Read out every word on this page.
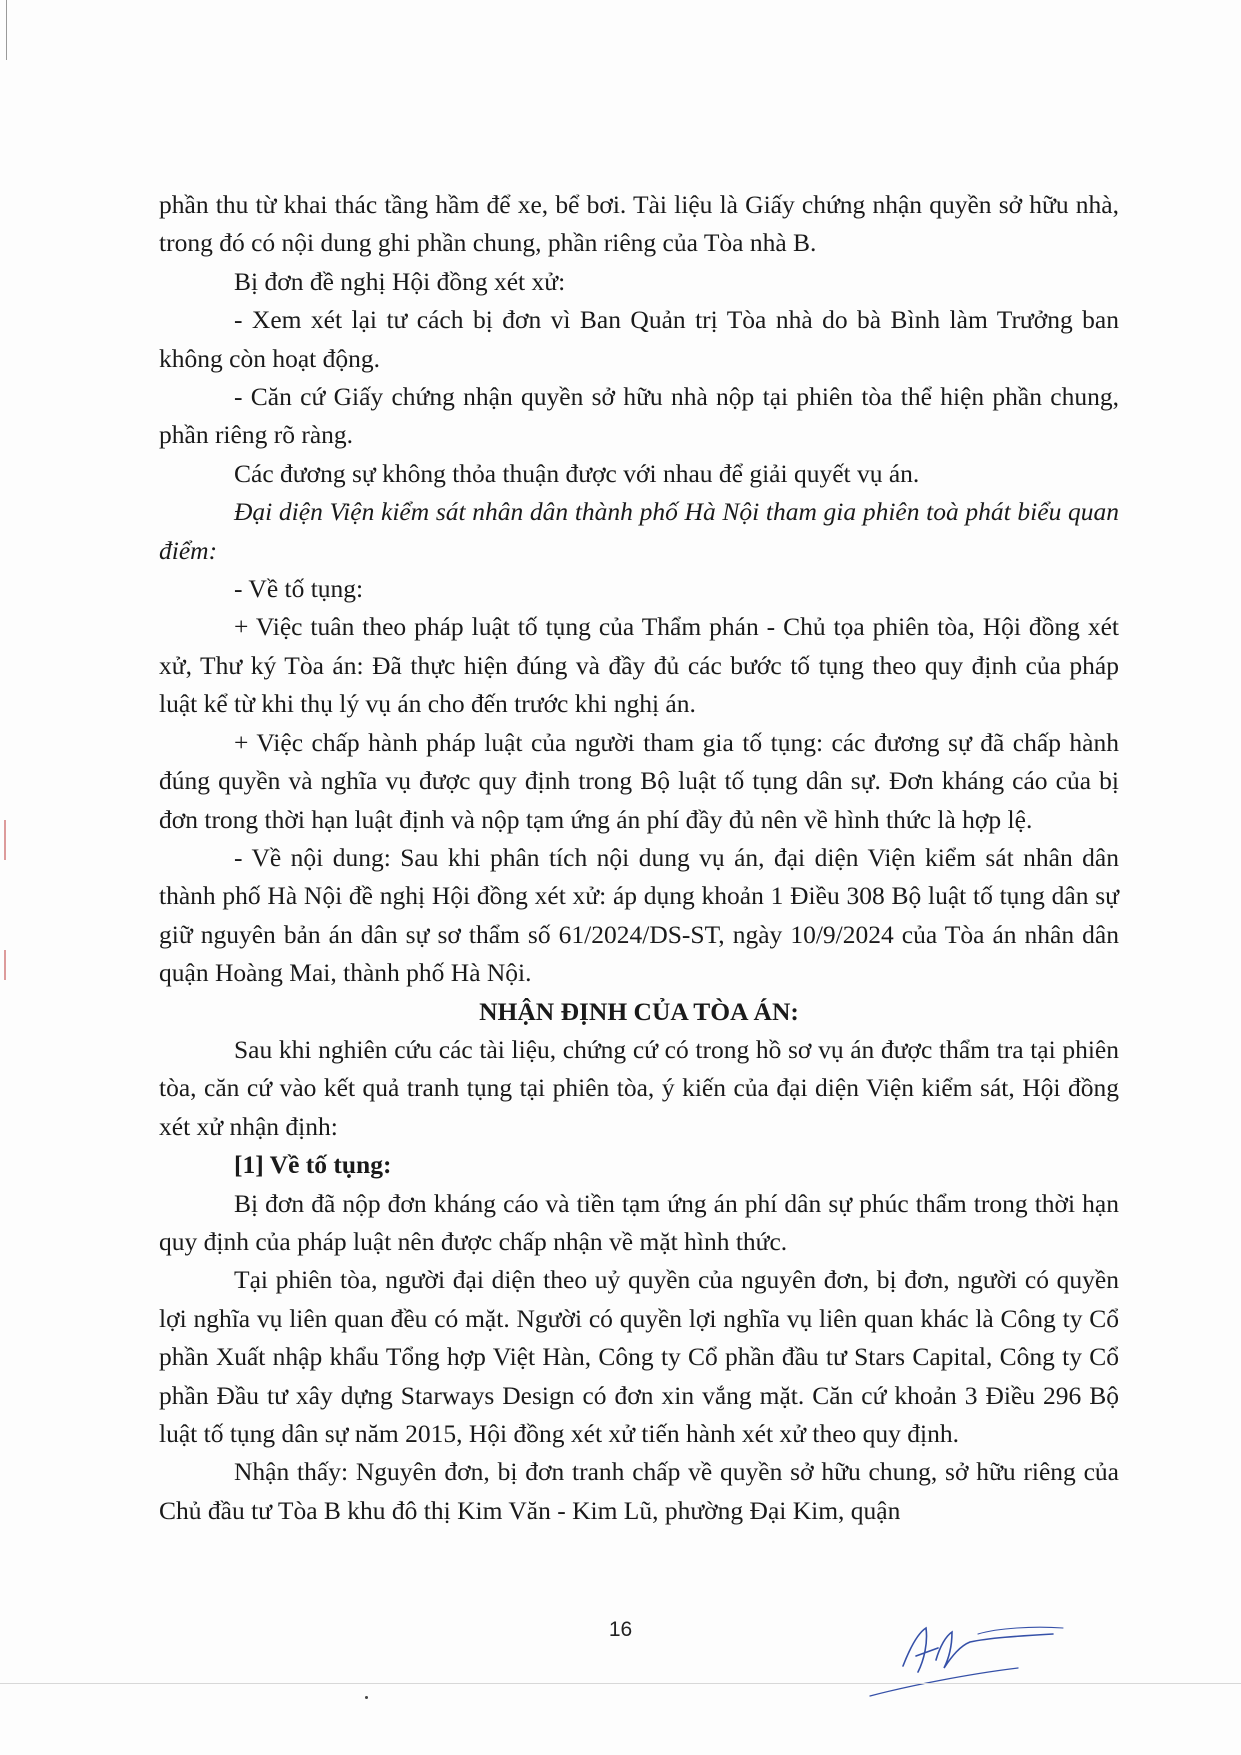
phần thu từ khai thác tầng hầm để xe, bể bơi. Tài liệu là Giấy chứng nhận quyền sở hữu nhà, trong đó có nội dung ghi phần chung, phần riêng của Tòa nhà B.

Bị đơn đề nghị Hội đồng xét xử:

- Xem xét lại tư cách bị đơn vì Ban Quản trị Tòa nhà do bà Bình làm Trưởng ban không còn hoạt động.

- Căn cứ Giấy chứng nhận quyền sở hữu nhà nộp tại phiên tòa thể hiện phần chung, phần riêng rõ ràng.

Các đương sự không thỏa thuận được với nhau để giải quyết vụ án.

Đại diện Viện kiểm sát nhân dân thành phố Hà Nội tham gia phiên toà phát biểu quan điểm:

- Về tố tụng:

+ Việc tuân theo pháp luật tố tụng của Thẩm phán - Chủ tọa phiên tòa, Hội đồng xét xử, Thư ký Tòa án: Đã thực hiện đúng và đầy đủ các bước tố tụng theo quy định của pháp luật kể từ khi thụ lý vụ án cho đến trước khi nghị án.

+ Việc chấp hành pháp luật của người tham gia tố tụng: các đương sự đã chấp hành đúng quyền và nghĩa vụ được quy định trong Bộ luật tố tụng dân sự. Đơn kháng cáo của bị đơn trong thời hạn luật định và nộp tạm ứng án phí đầy đủ nên về hình thức là hợp lệ.

- Về nội dung: Sau khi phân tích nội dung vụ án, đại diện Viện kiểm sát nhân dân thành phố Hà Nội đề nghị Hội đồng xét xử: áp dụng khoản 1 Điều 308 Bộ luật tố tụng dân sự giữ nguyên bản án dân sự sơ thẩm số 61/2024/DS-ST, ngày 10/9/2024 của Tòa án nhân dân quận Hoàng Mai, thành phố Hà Nội.

NHẬN ĐỊNH CỦA TÒA ÁN:

Sau khi nghiên cứu các tài liệu, chứng cứ có trong hồ sơ vụ án được thẩm tra tại phiên tòa, căn cứ vào kết quả tranh tụng tại phiên tòa, ý kiến của đại diện Viện kiểm sát, Hội đồng xét xử nhận định:

[1] Về tố tụng:

Bị đơn đã nộp đơn kháng cáo và tiền tạm ứng án phí dân sự phúc thẩm trong thời hạn quy định của pháp luật nên được chấp nhận về mặt hình thức.

Tại phiên tòa, người đại diện theo uỷ quyền của nguyên đơn, bị đơn, người có quyền lợi nghĩa vụ liên quan đều có mặt. Người có quyền lợi nghĩa vụ liên quan khác là Công ty Cổ phần Xuất nhập khẩu Tổng hợp Việt Hàn, Công ty Cổ phần đầu tư Stars Capital, Công ty Cổ phần Đầu tư xây dựng Starways Design có đơn xin vắng mặt. Căn cứ khoản 3 Điều 296 Bộ luật tố tụng dân sự năm 2015, Hội đồng xét xử tiến hành xét xử theo quy định.

Nhận thấy: Nguyên đơn, bị đơn tranh chấp về quyền sở hữu chung, sở hữu riêng của Chủ đầu tư Tòa B khu đô thị Kim Văn - Kim Lũ, phường Đại Kim, quận

16
